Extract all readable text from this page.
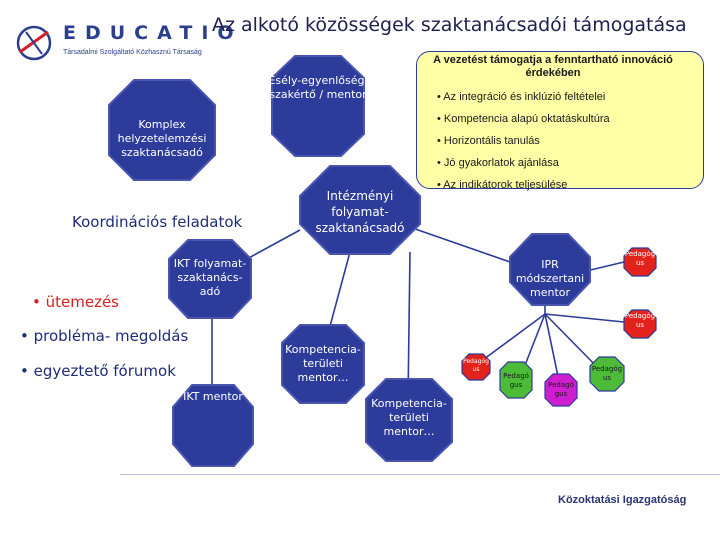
EDUCATIO
Társadalmi Szolgáltató Közhasznú Társaság
Az alkotó közösségek szaktanácsadói támogatása
A vezetést támogatja a fenntartható innováció érdekében
• Az integráció és inklúzió feltételei
• Kompetencia alapú oktatáskultúra
• Horizontális tanulás
• Jó gyakorlatok ajánlása
• Az indikátorok teljesülése
Esély-egyenlőségi szakértő / mentor
Komplex helyzetelemzési szaktanácsadó
Intézményi folyamat-szaktanácsadó
IKT folyamat-szaktanács-adó
IPR módszertani mentor
Kompetencia-területi mentor…
Kompetencia-területi mentor…
IKT mentor
Pedagógus
Pedagógus
Pedagógus
Pedagógus	Pedagógus
Pedagógus
Koordinációs feladatok
• ütemezés
• probléma- megoldás
• egyeztető fórumok
Közoktatási Igazgatóság
